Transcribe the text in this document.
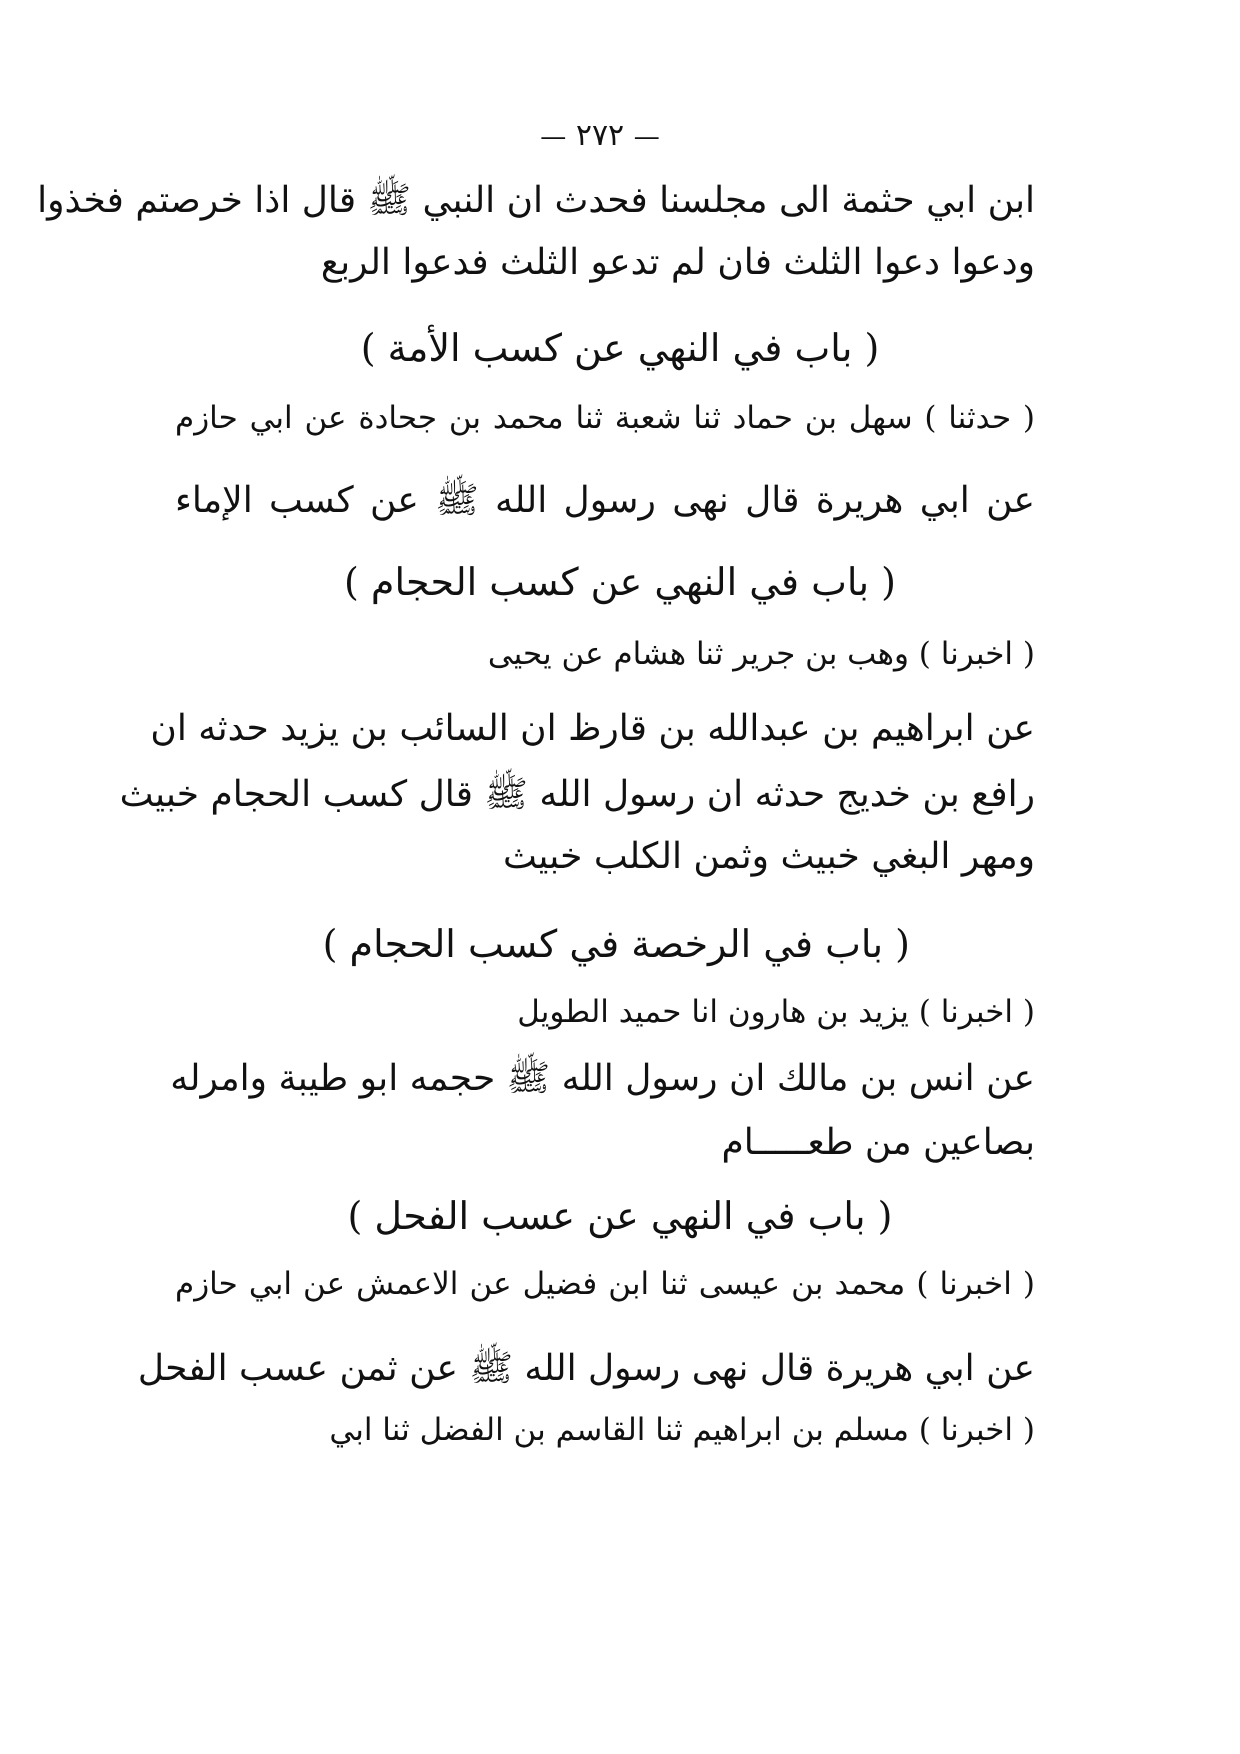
— ٢٧٢ —
ابن ابي حثمة الى مجلسنا فحدث ان النبي ﷺ قال اذا خرصتم فخذوا
ودعوا دعوا الثلث فان لم تدعو الثلث فدعوا الربع
( باب في النهي عن كسب الأمة )
( حدثنا ) سهل بن حماد ثنا شعبة ثنا محمد بن جحادة عن ابي حازم
عن ابي هريرة قال نهى رسول الله ﷺ عن كسب الإماء
( باب في النهي عن كسب الحجام )
( اخبرنا ) وهب بن جرير ثنا هشام عن يحيى
عن ابراهيم بن عبدالله بن قارظ ان السائب بن يزيد حدثه ان
رافع بن خديج حدثه ان رسول الله ﷺ قال كسب الحجام خبيث
ومهر البغي خبيث وثمن الكلب خبيث
( باب في الرخصة في كسب الحجام )
( اخبرنا ) يزيد بن هارون انا حميد الطويل
عن انس بن مالك ان رسول الله ﷺ حجمه ابو طيبة وامرله
بصاعين من طعـــــام
( باب في النهي عن عسب الفحل )
( اخبرنا ) محمد بن عيسى ثنا ابن فضيل عن الاعمش عن ابي حازم
عن ابي هريرة قال نهى رسول الله ﷺ عن ثمن عسب الفحل
( اخبرنا ) مسلم بن ابراهيم ثنا القاسم بن الفضل ثنا ابي
